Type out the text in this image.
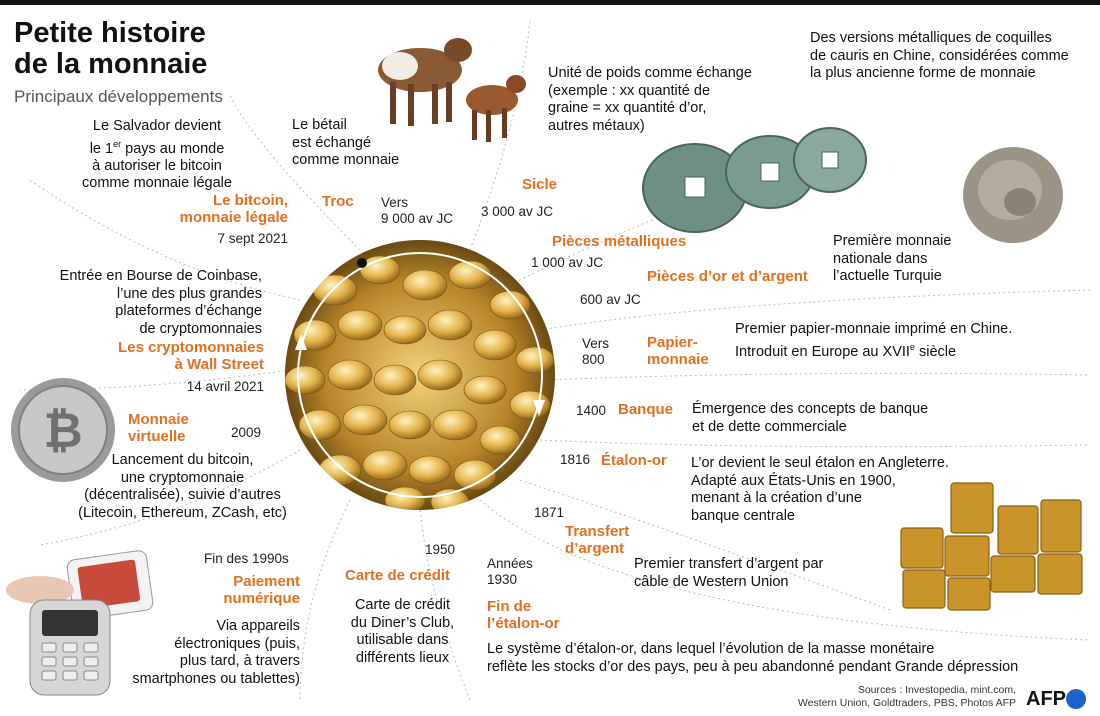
Petite histoire
de la monnaie
Principaux développements
₿
Le Salvador devient
le 1er pays au monde
à autoriser le bitcoin
comme monnaie légale
Le bitcoin,
monnaie légale
7 sept 2021
Le bétail
est échangé
comme monnaie
Troc Vers
9 000 av JC
Unité de poids comme échange
(exemple : xx quantité de
graine = xx quantité d’or,
autres métaux)
Sicle
3 000 av JC
Des versions métalliques de coquilles
de cauris en Chine, considérées comme
la plus ancienne forme de monnaie
Pièces métalliques
1 000 av JC
Pièces d’or et d’argent
600 av JC
Première monnaie
nationale dans
l’actuelle Turquie
Entrée en Bourse de Coinbase,
l’une des plus grandes
plateformes d’échange
de cryptomonnaies
Les cryptomonnaies
à Wall Street
14 avril 2021
Vers
800
Papier-
monnaie
Premier papier-monnaie imprimé en Chine.
Introduit en Europe au XVIIe siècle
1400 Banque Émergence des concepts de banque
et de dette commerciale
Monnaie
virtuelle	2009
Lancement du bitcoin,
une cryptomonnaie
(décentralisée), suivie d’autres
(Litecoin, Ethereum, ZCash, etc)
1816 Étalon-or L’or devient le seul étalon en Angleterre.
Adapté aux États-Unis en 1900,
menant à la création d’une
banque centrale
1871
Transfert
d’argent
Premier transfert d’argent par
câble de Western Union
Fin des 1990s
Paiement
numérique
Via appareils
électroniques (puis,
plus tard, à travers
smartphones ou tablettes)
1950
Carte de crédit
Carte de crédit
du Diner’s Club,
utilisable dans
différents lieux
Années
1930
Fin de
l’étalon-or
Le système d’étalon-or, dans lequel l’évolution de la masse monétaire
reflète les stocks d’or des pays, peu à peu abandonné pendant Grande dépression
Sources : Investopedia, mint.com,
Western Union, Goldtraders, PBS, Photos AFP AFP
